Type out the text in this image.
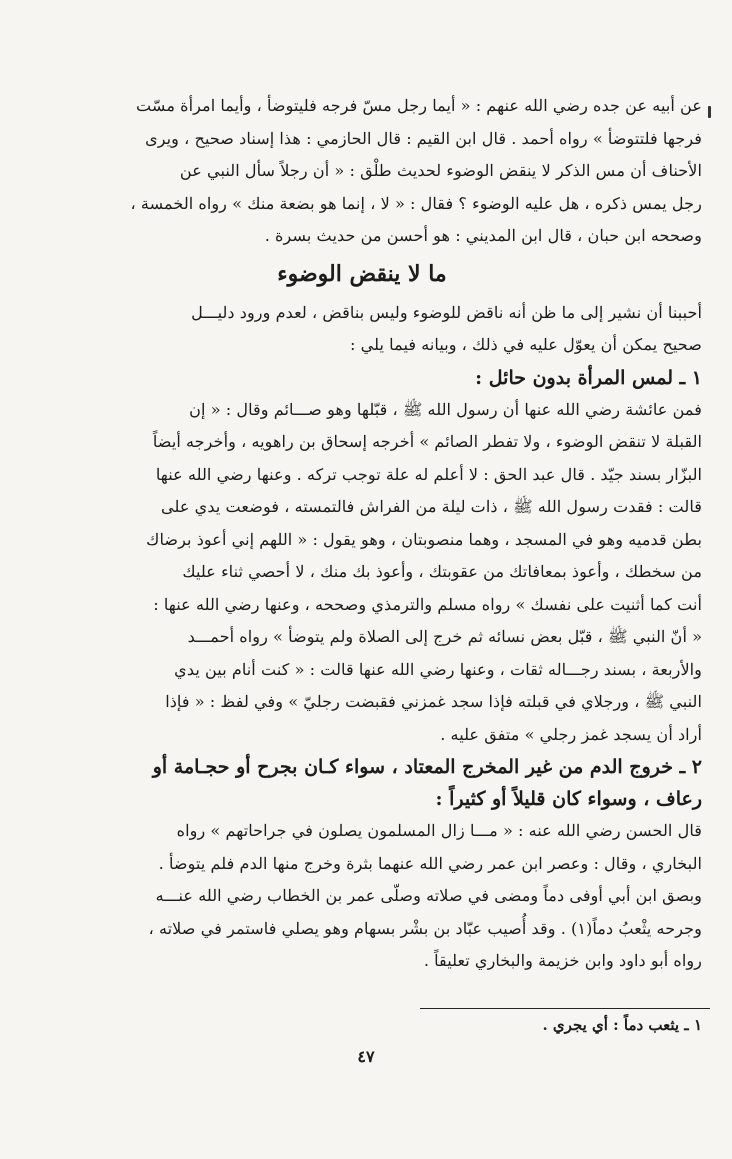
عن أبيه عن جده رضي الله عنهم : « أيما رجل مسّ فرجه فليتوضأ ، وأيما امرأة مسّت
فرجها فلتتوضأ » رواه أحمد . قال ابن القيم : قال الحازمي : هذا إسناد صحيح ، ويرى
الأحناف أن مس الذكر لا ينقض الوضوء لحديث طلْق : « أن رجلاً سأل النبي عن
رجل يمس ذكره ، هل عليه الوضوء ؟ فقال : « لا ، إنما هو بضعة منك » رواه الخمسة ،
وصححه ابن حبان ، قال ابن المديني : هو أحسن من حديث بسرة .

ما لا ينقض الوضوء

أحببنا أن نشير إلى ما ظن أنه ناقض للوضوء وليس بناقض ، لعدم ورود دليـــل
صحيح يمكن أن يعوّل عليه في ذلك ، وبيانه فيما يلي :

١ ـ لمس المرأة بدون حائل :

فمن عائشة رضي الله عنها أن رسول الله ﷺ ، قبّلها وهو صـــائم وقال : « إن
القبلة لا تنقض الوضوء ، ولا تفطر الصائم » أخرجه إسحاق بن راهويه ، وأخرجه أيضاً
البزّار بسند جيّد . قال عبد الحق : لا أعلم له علة توجب تركه . وعنها رضي الله عنها
قالت : فقدت رسول الله ﷺ ، ذات ليلة من الفراش فالتمسته ، فوضعت يدي على
بطن قدميه وهو في المسجد ، وهما منصوبتان ، وهو يقول : « اللهم إني أعوذ برضاك
من سخطك ، وأعوذ بمعافاتك من عقوبتك ، وأعوذ بك منك ، لا أحصي ثناء عليك
أنت كما أثنيت على نفسك » رواه مسلم والترمذي وصححه ، وعنها رضي الله عنها :
« أنّ النبي ﷺ ، قبّل بعض نسائه ثم خرج إلى الصلاة ولم يتوضأ » رواه أحمـــد
والأربعة ، بسند رجـــاله ثقات ، وعنها رضي الله عنها قالت : « كنت أنام بين يدي
النبي ﷺ ، ورجلاي في قبلته فإذا سجد غمزني فقبضت رجليّ » وفي لفظ : « فإذا
أراد أن يسجد غمز رجلي » متفق عليه .

٢ ـ خروج الدم من غير المخرج المعتاد ، سواء كـان بجرح أو حجـامة أو
رعاف ، وسواء كان قليلاً أو كثيراً :

قال الحسن رضي الله عنه : « مـــا زال المسلمون يصلون في جراحاتهم » رواه
البخاري ، وقال : وعصر ابن عمر رضي الله عنهما بثرة وخرج منها الدم فلم يتوضأ .
وبصق ابن أبي أوفى دماً ومضى في صلاته وصلّى عمر بن الخطاب رضي الله عنـــه
وجرحه يثْعبُ دماً(١) . وقد أُصيب عبّاد بن بشْر بسهام وهو يصلي فاستمر في صلاته ،
رواه أبو داود وابن خزيمة والبخاري تعليقاً .

١ ـ يثعب دماً : أي يجري .
٤٧
